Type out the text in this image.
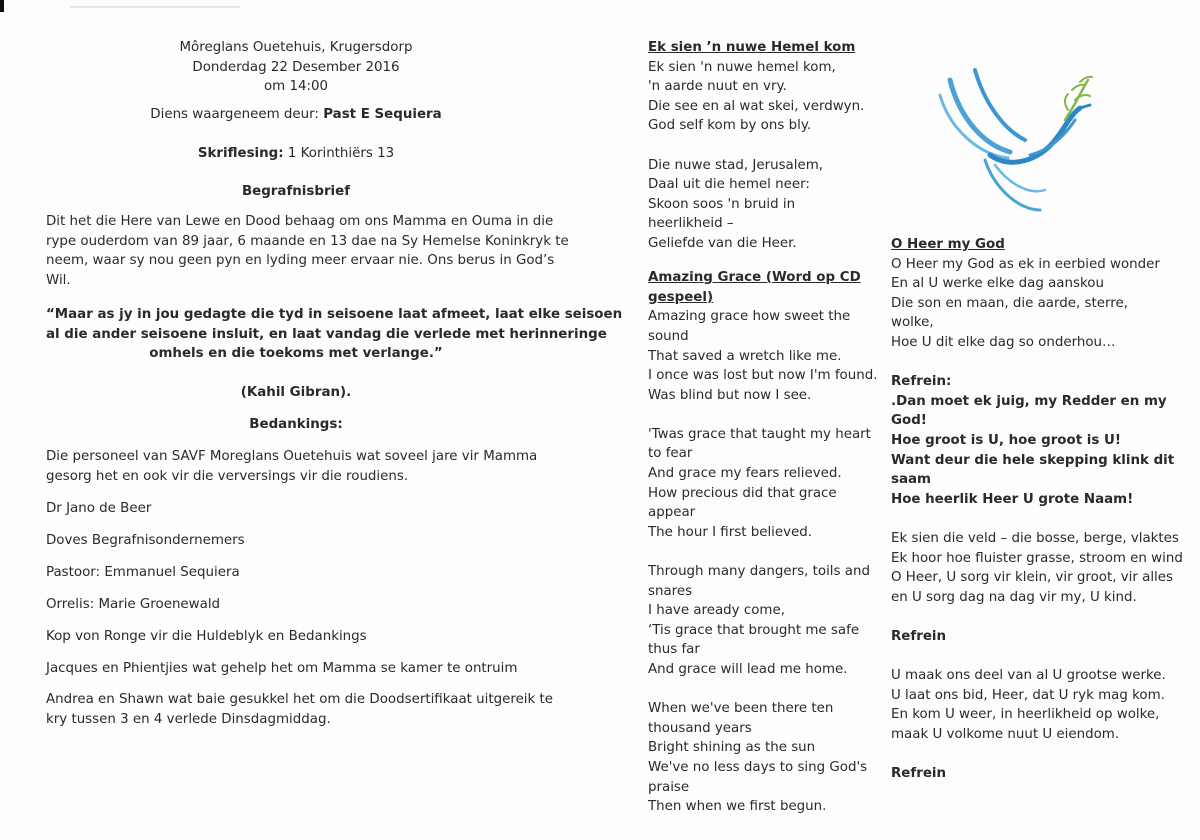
Môreglans Ouetehuis, Krugersdorp
Donderdag 22 Desember 2016
om 14:00
Diens waargeneem deur: Past E Sequiera
Skriflesing: 1 Korinthiërs 13
Begrafnisbrief
Dit het die Here van Lewe en Dood behaag om ons Mamma en Ouma in die
rype ouderdom van 89 jaar, 6 maande en 13 dae na Sy Hemelse Koninkryk te
neem, waar sy nou geen pyn en lyding meer ervaar nie. Ons berus in God’s
Wil.
“Maar as jy in jou gedagte die tyd in seisoene laat afmeet, laat elke seisoen
al die ander seisoene insluit, en laat vandag die verlede met herinneringe
omhels en die toekoms met verlange.”
(Kahil Gibran).
Bedankings:
Die personeel van SAVF Moreglans Ouetehuis wat soveel jare vir Mamma
gesorg het en ook vir die verversings vir die roudiens.
Dr Jano de Beer
Doves Begrafnisondernemers
Pastoor: Emmanuel Sequiera
Orrelis: Marie Groenewald
Kop von Ronge vir die Huldeblyk en Bedankings
Jacques en Phientjies wat gehelp het om Mamma se kamer te ontruim
Andrea en Shawn wat baie gesukkel het om die Doodsertifikaat uitgereik te
kry tussen 3 en 4 verlede Dinsdagmiddag.
Ek sien ’n nuwe Hemel kom
Ek sien 'n nuwe hemel kom,
'n aarde nuut en vry.
Die see en al wat skei, verdwyn.
God self kom by ons bly.
Die nuwe stad, Jerusalem,
Daal uit die hemel neer:
Skoon soos 'n bruid in
heerlikheid –
Geliefde van die Heer.
Amazing Grace (Word op CD
gespeel)
Amazing grace how sweet the
sound
That saved a wretch like me.
I once was lost but now I'm found.
Was blind but now I see.
'Twas grace that taught my heart
to fear
And grace my fears relieved.
How precious did that grace
appear
The hour I first believed.
Through many dangers, toils and
snares
I have aready come,
‘Tis grace that brought me safe
thus far
And grace will lead me home.
When we've been there ten
thousand years
Bright shining as the sun
We've no less days to sing God's
praise
Then when we first begun.
O Heer my God
O Heer my God as ek in eerbied wonder
En al U werke elke dag aanskou
Die son en maan, die aarde, sterre,
wolke,
Hoe U dit elke dag so onderhou…
Refrein:
.Dan moet ek juig, my Redder en my
God!
Hoe groot is U, hoe groot is U!
Want deur die hele skepping klink dit
saam
Hoe heerlik Heer U grote Naam!
Ek sien die veld – die bosse, berge, vlaktes
Ek hoor hoe fluister grasse, stroom en wind
O Heer, U sorg vir klein, vir groot, vir alles
en U sorg dag na dag vir my, U kind.
Refrein
U maak ons deel van al U grootse werke.
U laat ons bid, Heer, dat U ryk mag kom.
En kom U weer, in heerlikheid op wolke,
maak U volkome nuut U eiendom.
Refrein
